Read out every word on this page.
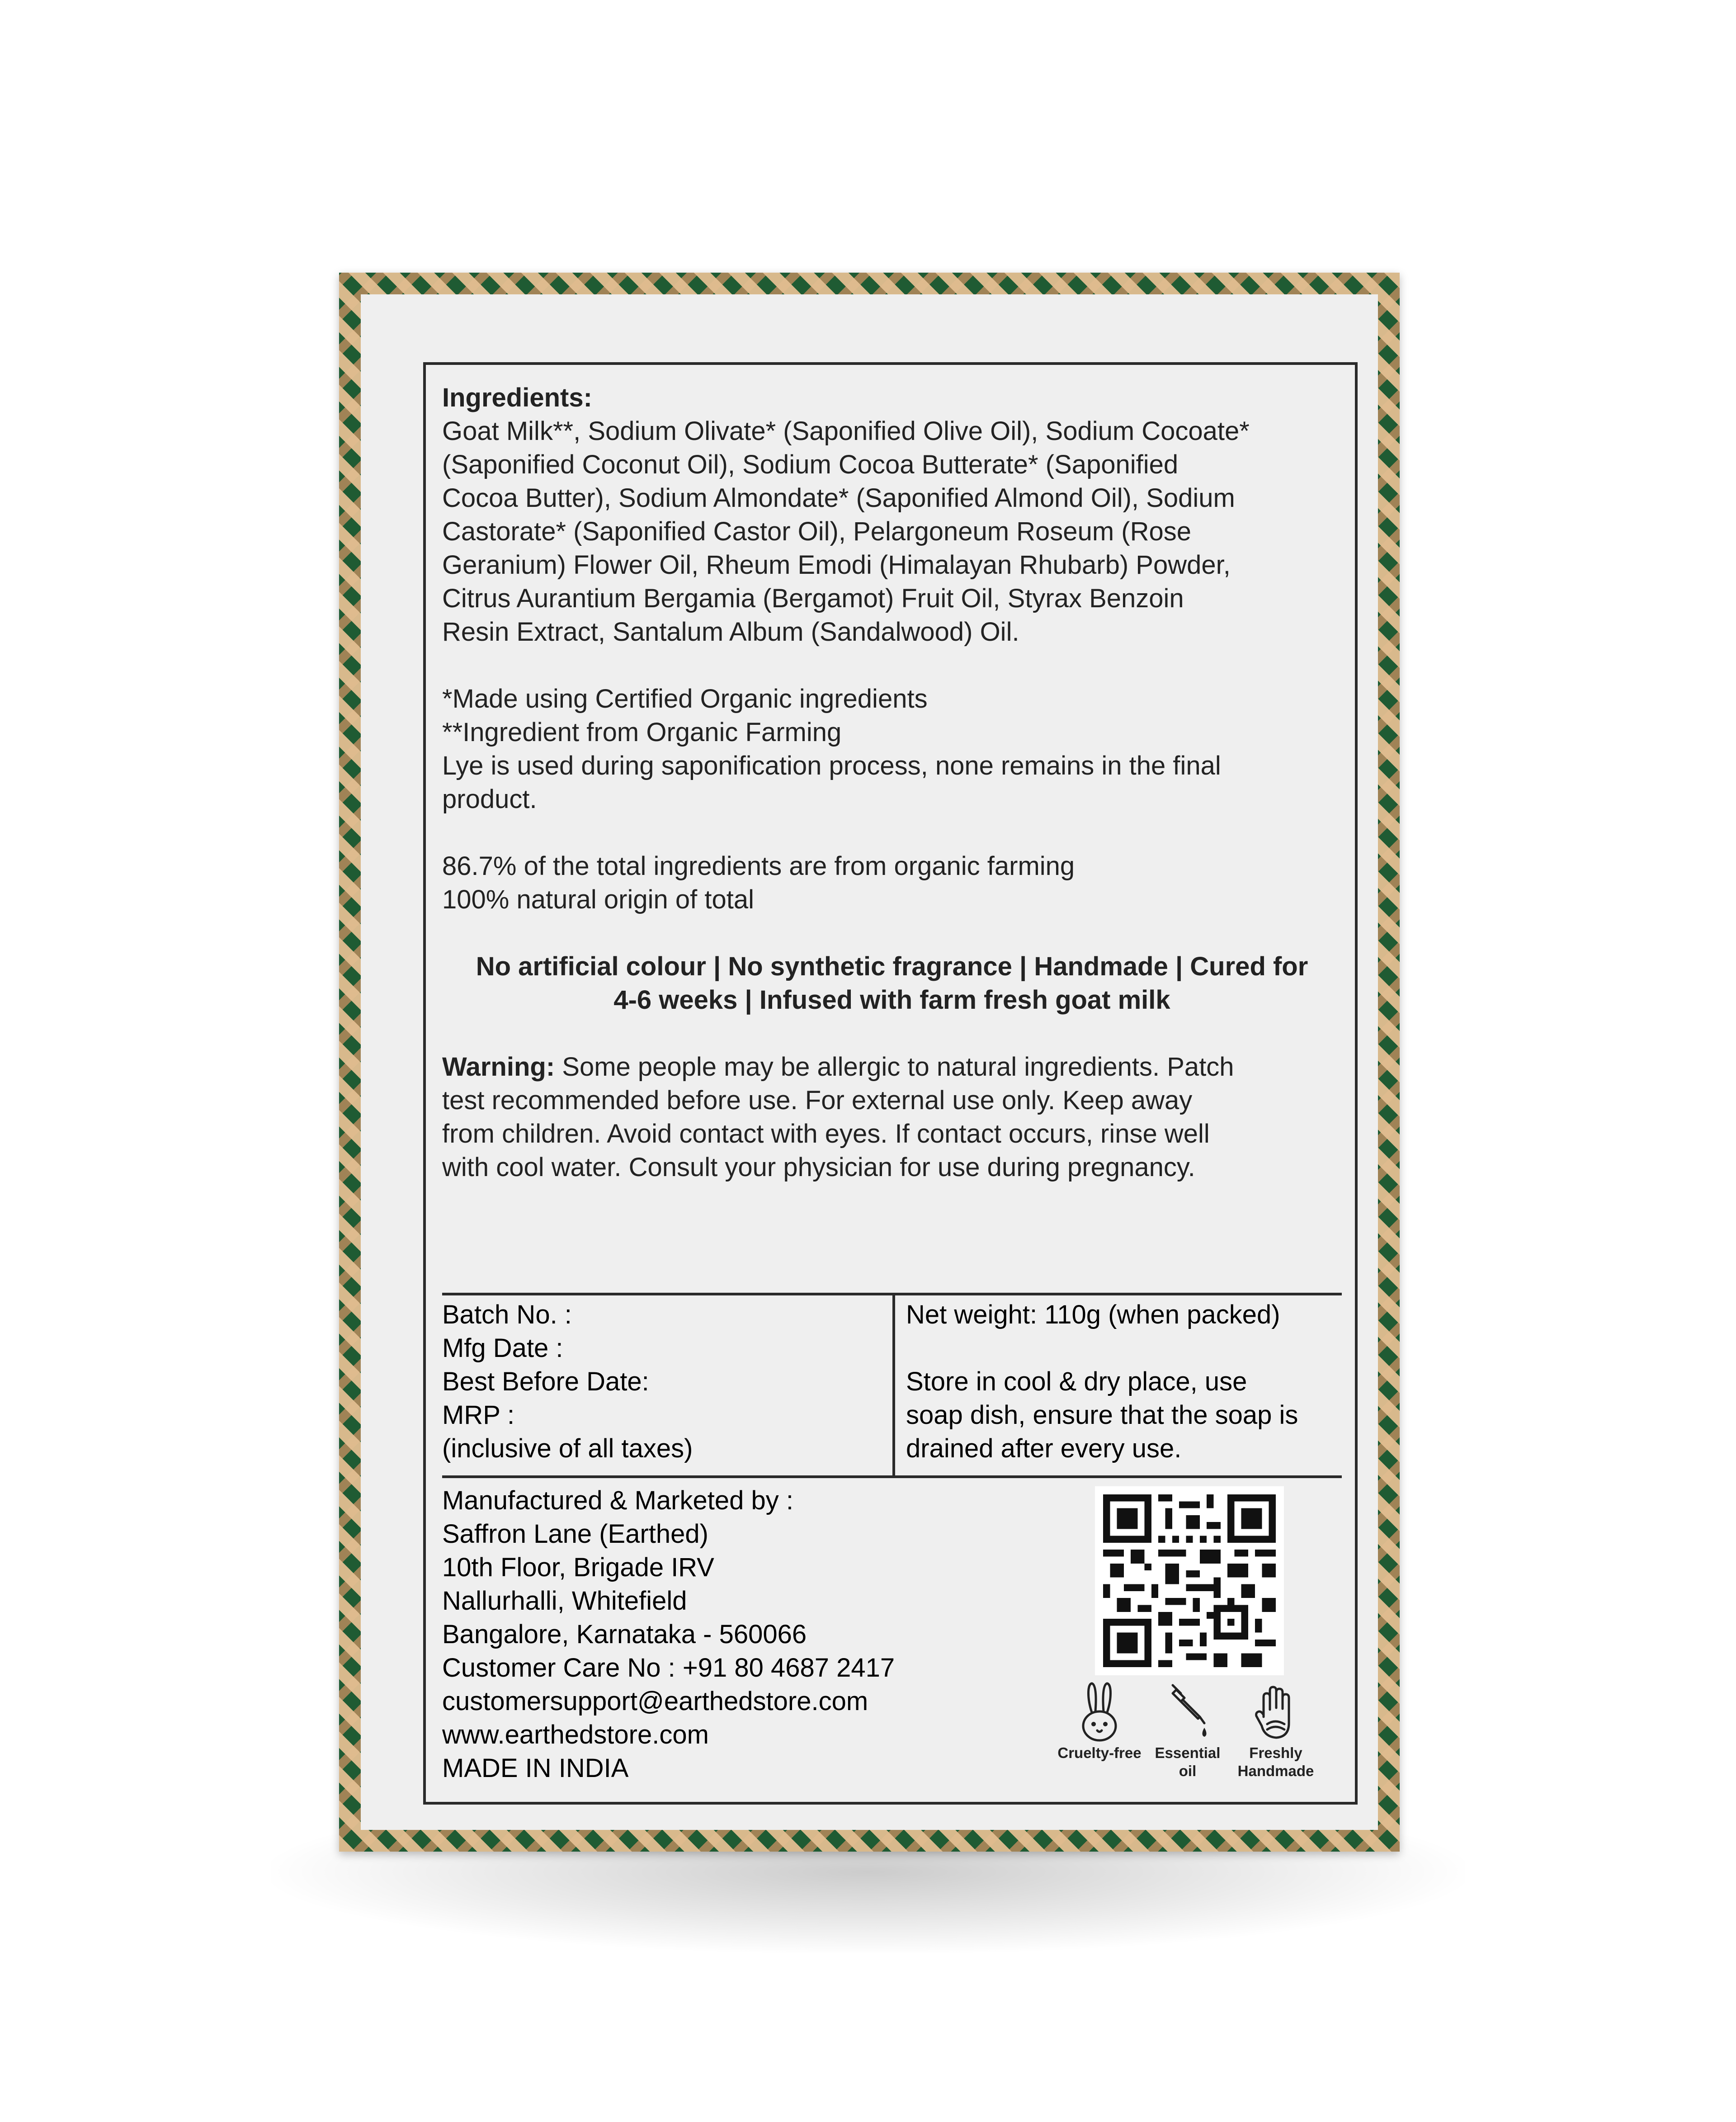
Ingredients:

Goat Milk**, Sodium Olivate* (Saponified Olive Oil), Sodium Cocoate*

(Saponified Coconut Oil), Sodium Cocoa Butterate* (Saponified

Cocoa Butter), Sodium Almondate* (Saponified Almond Oil), Sodium

Castorate* (Saponified Castor Oil), Pelargoneum Roseum (Rose

Geranium) Flower Oil, Rheum Emodi (Himalayan Rhubarb) Powder,

Citrus Aurantium Bergamia (Bergamot) Fruit Oil, Styrax Benzoin

Resin Extract, Santalum Album (Sandalwood) Oil.

*Made using Certified Organic ingredients

**Ingredient from Organic Farming

Lye is used during saponification process, none remains in the final

product.

86.7% of the total ingredients are from organic farming

100% natural origin of total

No artificial colour | No synthetic fragrance | Handmade | Cured for

4-6 weeks | Infused with farm fresh goat milk

Warning: Some people may be allergic to natural ingredients. Patch

test recommended before use. For external use only. Keep away

from children. Avoid contact with eyes. If contact occurs, rinse well

with cool water. Consult your physician for use during pregnancy.

Batch No. :

Mfg Date :

Best Before Date:

MRP :

(inclusive of all taxes)

Net weight: 110g (when packed)

Store in cool & dry place, use

soap dish, ensure that the soap is

drained after every use.

Manufactured & Marketed by :

Saffron Lane (Earthed)

10th Floor, Brigade IRV

Nallurhalli, Whitefield

Bangalore, Karnataka - 560066

Customer Care No : +91 80 4687 2417

customersupport@earthedstore.com

www.earthedstore.com

MADE IN INDIA

Cruelty-free Essential
oil
Freshly
Handmade
